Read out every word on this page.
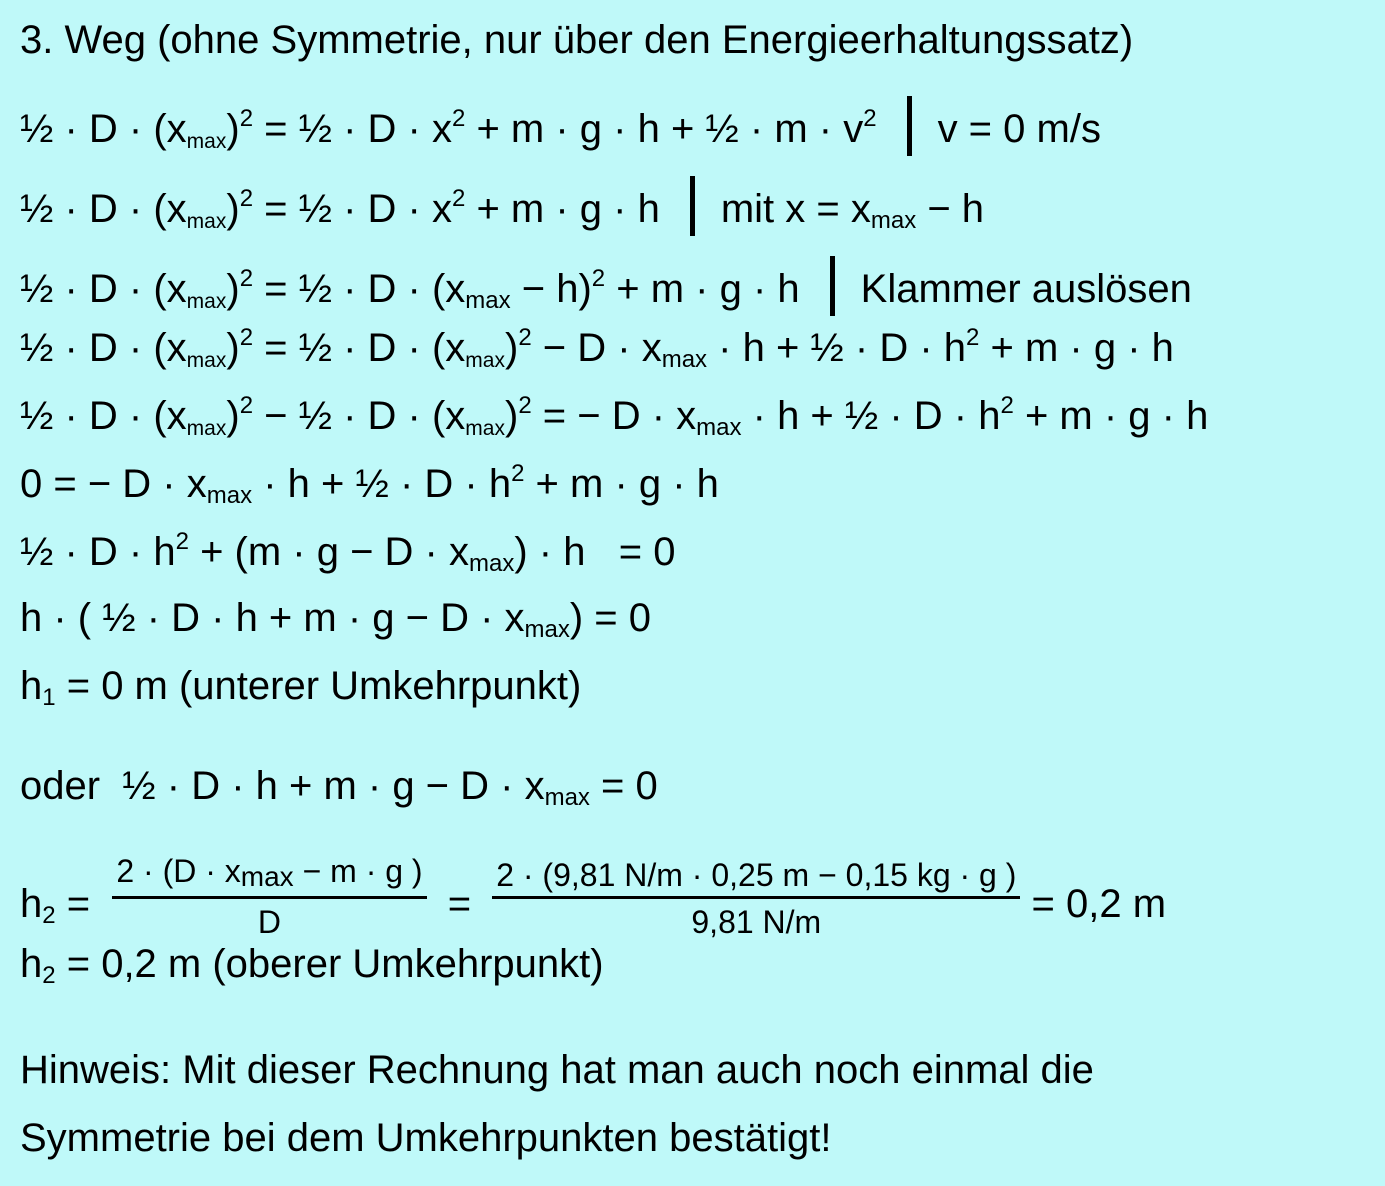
3. Weg (ohne Symmetrie, nur über den Energieerhaltungssatz)
½ · $D \cdot (xmax)^2$ = ½ · $D \cdot x^2 + m \cdot g \cdot h$ + ½ · $m \cdot v^2$ v = 0 m/s
½ · $D \cdot (xmax)^2$ = ½ · $D \cdot x^2 + m \cdot g \cdot h$ mit $x = x_{max} - h$
½ · $D \cdot (xmax)^2$ = ½ · $D \cdot (x_{max} - h)^2 + m \cdot g \cdot h$ Klammer auslösen
½ · $D \cdot (xmax)^2$ = ½ · $D \cdot (xmax)^2 - D \cdot x_{max} \cdot h$ + ½ · $D \cdot h^2 + m \cdot g \cdot h$
½ · $D \cdot (xmax)^2$ − ½ · $D \cdot (xmax)^2$ = − $D \cdot x_{max} \cdot h$ + ½ · $D \cdot h^2 + m \cdot g \cdot h$
0 = − $D \cdot x_{max} \cdot h$ + ½ · $D \cdot h^2 + m \cdot g \cdot h$
½ · $D \cdot h^2 + (m \cdot g - D \cdot x_{max}) \cdot h = 0$
h · ( ½ · $D \cdot h + m \cdot g - D \cdot x_{max}) = 0$
$h_1 = 0$ m (unterer Umkehrpunkt)
oder  ½ · $D \cdot h + m \cdot g - D \cdot x_{max} = 0$
$h_2 = \frac{2 \cdot (D \cdot xmax - m \cdot g )}{D} = \frac{2 \cdot (9,81 N/m \cdot 0,25 m - 0,15 kg \cdot g )}{9,81 N/m} = 0,2$ m
$h_2 = 0,2$ m (oberer Umkehrpunkt)
Hinweis: Mit dieser Rechnung hat man auch noch einmal die
Symmetrie bei dem Umkehrpunkten bestätigt!
